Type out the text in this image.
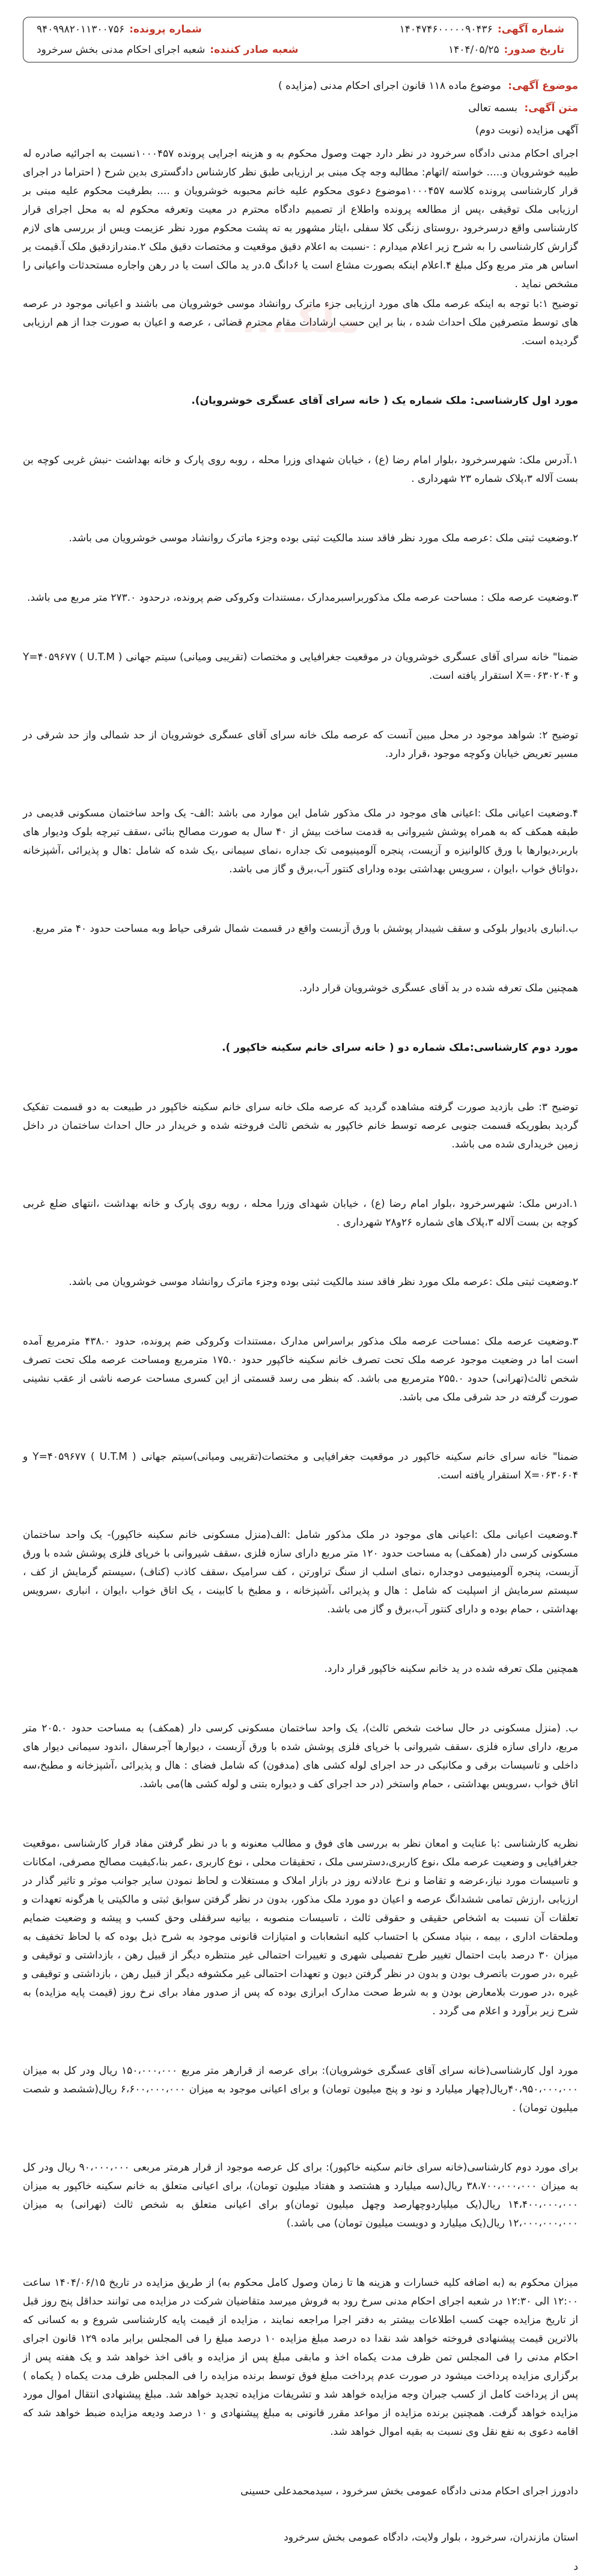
شماره آگهی:
۱۴۰۴۷۴۶۰۰۰۰۰۹۰۴۳۶
شماره پرونده:
۹۴۰۹۹۸۲۰۱۱۳۰۰۷۵۶
تاریخ صدور:
۱۴۰۴/۰۵/۲۵
شعبه صادر کننده:
شعبه اجرای احکام مدنی بخش سرخرود
ملکـ...
موضوع آگهی: موضوع ماده ۱۱۸ قانون اجرای احکام مدنی (مزایده )
متن آگهی: بسمه تعالی
آگهی مزایده (نوبت دوم)

اجرای احکام مدنی دادگاه سرخرود در نظر دارد جهت وصول محکوم به و هزینه اجرایی پرونده ۱۰۰۰۴۵۷نسبت به اجرائیه صادره له طیبه خوشرویان و..... خواسته /اتهام: مطالبه وجه چک مبنی بر ارزیابی طبق نظر کارشناس دادگستری بدین شرح ( احتراما در اجرای قرار کارشناسی پرونده کلاسه ۱۰۰۰۴۵۷موضوع دعوی محکوم علیه خانم محبوبه خوشرویان و .... بطرفیت محکوم علیه مبنی بر ارزیابی ملک توقیفی ،پس از مطالعه پرونده واطلاع از تصمیم دادگاه محترم در معیت وتعرفه محکوم له به محل اجرای قرار کارشناسی واقع درسرخرود ،روستای زنگی کلا سفلی ،ایثار مشهور به ته پشت محکوم مورد نظر عزیمت ویس از بررسی های لازم گزارش کارشناسی را به شرح زیر اعلام میدارم : -نسبت به اعلام دقیق موقعیت و مختصات دقیق ملک ۲.مندرازدقیق ملک آ.قیمت یر اساس هر متر مربع وکل مبلغ ۴.اعلام اینکه بصورت مشاع است یا ۶دانگ ۵.در ید مالک است یا در رهن واجاره مستحدثات واعیانی را مشخص نماید .

توضیح ۱:با توجه به اینکه عرصه ملک های مورد ارزیابی جزء ماترک روانشاد موسی خوشرویان می باشند و اعیانی موجود در عرصه های توسط متصرفین ملک احداث شده ، بنا بر این حسب ارشادات مقام محترم قضائی ، عرصه و اعیان به صورت جدا از هم ارزیابی گردیده است.

مورد اول کارشناسی: ملک شماره یک ( خانه سرای آقای عسگری خوشرویان).

۱.آدرس ملک: شهرسرخرود ،بلوار امام رضا (ع) ، خیابان شهدای وزرا محله ، روبه روی پارک و خانه بهداشت -نبش غربی کوچه بن بست آلاله ۳،پلاک شماره ۲۳ شهرداری .

۲.وضعیت ثبتی ملک :عرصه ملک مورد نظر فاقد سند مالکیت ثبتی بوده وجزء ماترک روانشاد موسی خوشرویان می باشد.

۳.وضعیت عرصه ملک : مساحت عرصه ملک مذکوربراسبرمدارک ،مستندات وکروکی ضم پرونده، درحدود ۲۷۳.۰ متر مربع می باشد.

ضمنا" خانه سرای آقای عسگری خوشرویان در موقعیت جغرافیایی و مختصات (تقریبی ومیانی) سیتم جهانی ( U.T.M ) Y=۴۰۵۹۶۷۷ و X=۰۶۳۰۲۰۴ استقرار یافته است.

توضیح ۲: شواهد موجود در محل مبین آنست که عرصه ملک خانه سرای آقای عسگری خوشرویان از حد شمالی واز حد شرقی در مسیر تعریض خیابان وکوچه موجود ،قرار دارد.

۴.وضعیت اعیانی ملک :اعیانی های موجود در ملک مذکور شامل این موارد می باشد :الف- یک واحد ساختمان مسکونی قدیمی در طبقه همکف که به همراه پوشش شیروانی به قدمت ساخت بیش از ۴۰ سال به صورت مصالح بنائی ،سقف تیرچه بلوک ودیوار های باربر،دیوارها با ورق کالوانیزه و آزیست، پنجره آلومینیومی تک جداره ،نمای سیمانی ،یک شده که شامل :هال و پذیرائی ،آشپزخانه ،دواتاق خواب ،ایوان ، سرویس بهداشتی بوده ودارای کنتور آب،برق و گاز می باشد.

ب.انباری بادیوار بلوکی و سقف شیبدار پوشش با ورق آزبست واقع در قسمت شمال شرقی حیاط وبه مساحت حدود ۴۰ متر مربع.

همچنین ملک تعرفه شده در بد آقای عسگری خوشرویان قرار دارد.

مورد دوم کارشناسی:ملک شماره دو ( خانه سرای خانم سکینه خاکپور ).

توضیح ۳: طی بازدید صورت گرفته مشاهده گردید که عرصه ملک خانه سرای خانم سکینه خاکپور در طبیعت به دو قسمت تفکیک گردید بطوریکه قسمت جنوبی عرصه توسط خانم خاکپور به شخص ثالث فروخته شده و خریدار در حال احداث ساختمان در داخل زمین خریداری شده می باشد.

۱.ادرس ملک: شهرسرخرود ،بلوار امام رضا (ع) ، خیابان شهدای وزرا محله ، روبه روی پارک و خانه بهداشت ،انتهای ضلع غربی کوچه بن بست آلاله ۳،پلاک های شماره ۲۶و۲۸ شهرداری .

۲.وضعیت ثبتی ملک :عرصه ملک مورد نظر فاقد سند مالکیت ثبتی بوده وجزء ماترک روانشاد موسی خوشرویان می باشد.

۳.وضعیت عرصه ملک :مساحت عرصه ملک مذکور براسراس مدارک ،مستندات وکروکی ضم پرونده، حدود ۴۳۸.۰ مترمربع آمده است اما در وضعیت موجود عرصه ملک تحت تصرف خانم سکینه خاکپور حدود ۱۷۵.۰ مترمربع ومساحت عرصه ملک تحت تصرف شخص ثالث(تهرانی) حدود ۲۵۵.۰ مترمربع می باشد. که بنظر می رسد قسمتی از این کسری مساحت عرصه ناشی از عقب نشینی صورت گرفته در حد شرقی ملک می باشد.

ضمنا" خانه سرای خانم سکینه خاکپور در موقعیت جغرافیایی و مختصات(تقریبی ومیانی)سیتم جهانی ( U.T.M ) Y=۴۰۵۹۶۷۷ و X=۰۶۳۰۶۰۴ استقرار یافته است.

۴.وضعیت اعیانی ملک :اعیانی های موجود در ملک مذکور شامل :الف(منزل مسکونی خانم سکینه خاکپور)- یک واحد ساختمان مسکونی کرسی دار (همکف) به مساحت حدود ۱۲۰ متر مربع دارای سازه فلزی ،سقف شیروانی با خرپای فلزی پوشش شده با ورق آزبست، پنجره آلومینیومی دوجداره ،نمای اسلب از سنگ تراورتن ، کف سرامیک ،سقف کاذب (کناف) ،سیستم گرمایش از کف ، سیستم سرمایش از اسپلیت که شامل : هال و پذیرائی ،آشپزخانه ، و مطبخ با کابینت ، یک اتاق خواب ،ایوان ، انباری ،سرویس بهداشتی ، حمام بوده و دارای کنتور آب،برق و گاز می باشد.

همچنین ملک تعرفه شده در ید خانم سکینه خاکپور قرار دارد.

ب. (منزل مسکونی در حال ساخت شخص ثالث)، یک واحد ساختمان مسکونی کرسی دار (همکف) به مساحت حدود ۲۰۵.۰ متر مربع، دارای سازه فلزی ،سقف شیروانی با خرپای فلزی پوشش شده با ورق آزبست ، دیوارها آجرسفال ،اندود سیمانی دیوار های داخلی و تاسیسات برقی و مکانیکی در حد اجرای لوله کشی های (مدفون) که شامل فضای : هال و پذیرائی ،آشپزخانه و مطبخ،سه اتاق خواب ،سرویس بهداشتی ، حمام واستخر (در حد اجرای کف و دیواره بتنی و لوله کشی ها)می باشد.

نظریه کارشناسی :با عنایت و امعان نظر به بررسی های فوق و مطالب معنونه و با در نظر گرفتن مفاد قرار کارشناسی ،موقعیت جغرافیایی و وضعیت عرصه ملک ،نوع کاربری،دسترسی ملک ، تحقیقات محلی ، نوع کاربری ،عمر بنا،کیفیت مصالح مصرفی، امکانات و تاسیسات مورد نیاز،عرضه و تقاضا و نرخ عادلانه روز در بازار املاک و مستغلات و لحاظ نمودن سایر جوانب موثر و تاثیر گذار در ارزیابی ،ارزش تمامی ششدانگ عرصه و اعیان دو مورد ملک مذکور، بدون در نظر گرفتن سوابق ثبتی و مالکیتی یا هرگونه تعهدات و تعلقات آن نسبت به اشخاص حقیقی و حقوقی ثالث ، تاسیسات منصوبه ، بیانیه سرقفلی وحق کسب و پیشه و وضعیت ضمایم وملحقات اداری ، بیمه ، بنیاد مسکن با احتساب کلیه انشعابات و امتیازات قانونی موجود به شرح ذیل بوده که با لحاظ تخفیف به میزان ۳۰ درصد بابت احتمال تغییر طرح تفصیلی شهری و تغییرات احتمالی غیر منتظره دیگر از قبیل رهن ، بازداشتی و توقیفی و غیره ،در صورت باتصرف بودن و بدون در نظر گرفتن دیون و تعهدات احتمالی غیر مکشوفه دیگر از قبیل رهن ، بازداشتی و توقیفی و غیره ،در صورت بلامعارض بودن و به شرط صحت مدارک ابرازی بوده که پس از صدور مفاد برای نرخ روز (قیمت پایه مزایده) به شرح زیر برآورد و اعلام می گردد .

مورد اول کارشناسی(خانه سرای آقای عسگری خوشرویان): برای عرصه از قرارهر متر مربع ۱۵۰،۰۰۰،۰۰۰ ریال ودر کل به میزان ۴۰،۹۵۰،۰۰۰،۰۰۰ریال(چهار میلیارد و نود و پنج میلیون تومان) و برای اعیانی موجود به میزان ۶،۶۰۰،۰۰۰،۰۰۰ ریال(ششصد و شصت میلیون تومان) .

برای مورد دوم کارشناسی(خانه سرای خانم سکینه خاکپور): برای کل عرصه موجود از قرار هرمتر مربعی ۹۰،۰۰۰،۰۰۰ ریال ودر کل به میزان ۳۸،۷۰۰،۰۰۰،۰۰۰ ریال(سه میلیارد و هشتصد و هفتاد میلیون تومان)، برای اعیانی متعلق به خانم سکینه خاکپور به میزان ۱۴،۴۰۰،۰۰۰،۰۰۰ ریال(یک میلیاردوچهارصد وچهل میلیون تومان)و برای اعیانی متعلق به شخص ثالث (تهرانی) به میزان ۱۲،۰۰۰،۰۰۰،۰۰۰ ریال(یک میلیارد و دویست میلیون تومان) می باشد.)

میزان محکوم به (به اضافه کلیه خسارات و هزینه ها تا زمان وصول کامل محکوم به) از طریق مزایده در تاریخ ۱۴۰۴/۰۶/۱۵ ساعت ۱۲:۰۰ الی ۱۲:۳۰ در شعبه اجرای احکام مدنی سرخ رود به فروش میرسد متقاضیان شرکت در مزایده می توانند حداقل پنج روز قبل از تاریخ مزایده جهت کسب اطلاعات بیشتر به دفتر اجرا مراجعه نمایند ، مزایده از قیمت پایه کارشناسی شروع و به کسانی که بالاترین قیمت پیشنهادی فروخته خواهد شد نقدا ده درصد مبلغ مزایده ۱۰ درصد مبلغ را فی المجلس برابر ماده ۱۲۹ قانون اجرای احکام مدنی را فی المجلس تمن ظرف مدت یکماه اخذ و مابقی مبلغ پس از مزایده و باقی اخذ خواهد شد و یک هفته پس از برگزاری مزایده پرداخت میشود در صورت عدم پرداخت مبلغ فوق توسط برنده مزایده را فی المجلس ظرف مدت یکماه ( یکماه ) پس از پرداخت کامل از کسب جبران وجه مزایده خواهد شد و تشریفات مزایده تجدید خواهد شد. مبلغ پیشنهادی انتقال اموال مورد مزایده خواهد گرفت. همچنین برنده مزایده از مواعد مقرر قانونی به مبلغ پیشنهادی و ۱۰ درصد ودیعه مزایده ضبط خواهد شد که اقامه دعوی به نفع نقل وی نسبت به بقیه اموال خواهد شد.

دادورز اجرای احکام مدنی دادگاه عمومی بخش سرخرود ، سیدمحمدعلی حسینی

استان مازندران، سرخرود ، بلوار ولایت، دادگاه عمومی بخش سرخرود

د
